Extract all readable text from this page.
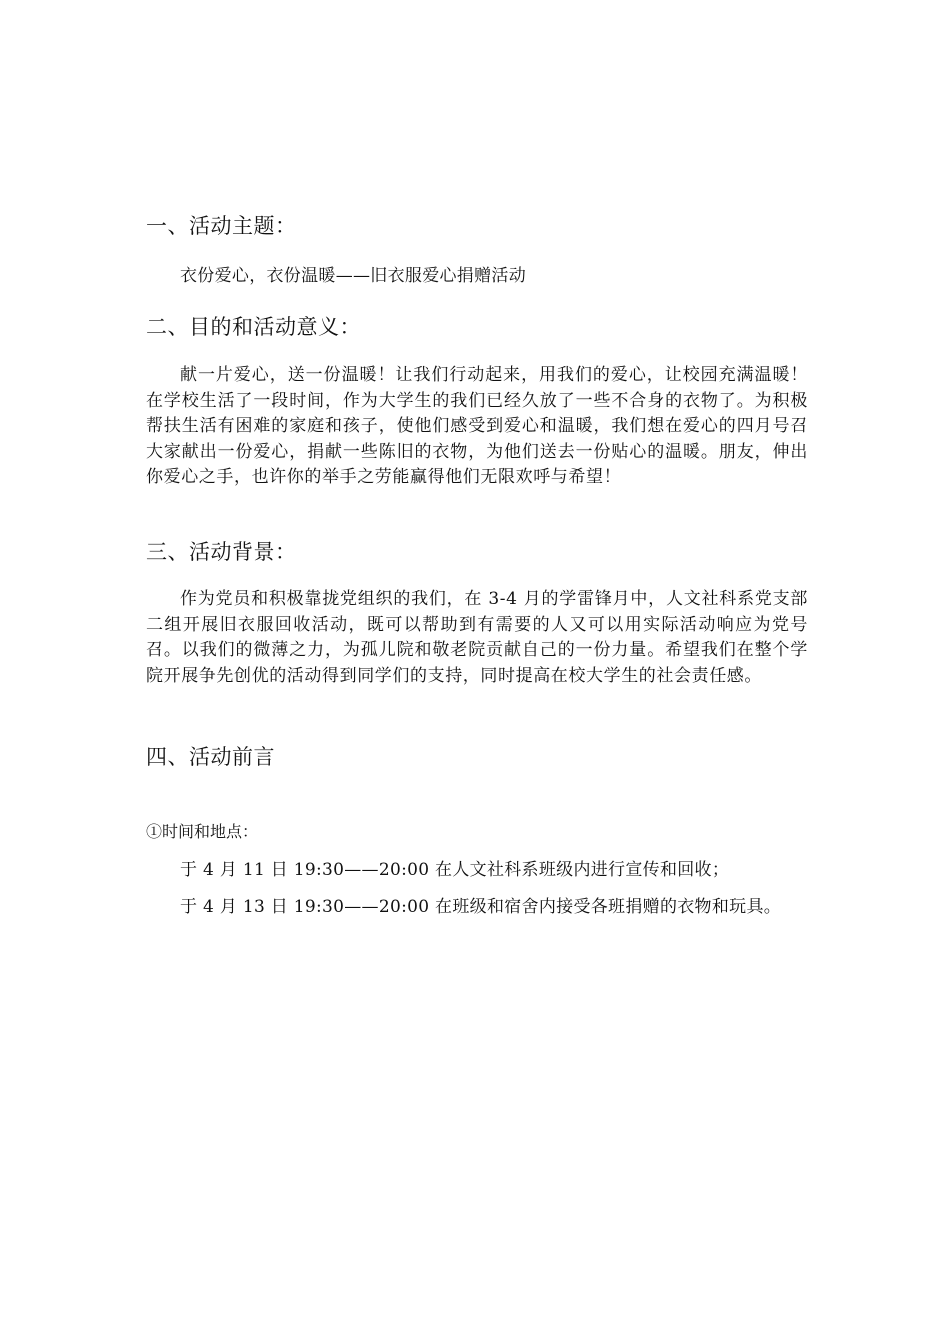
一、活动主题：
衣份爱心，衣份温暖——旧衣服爱心捐赠活动
二、目的和活动意义：
献一片爱心，送一份温暖！让我们行动起来，用我们的爱心，让校园充满温暖！在学校生活了一段时间，作为大学生的我们已经久放了一些不合身的衣物了。为积极帮扶生活有困难的家庭和孩子，使他们感受到爱心和温暖，我们想在爱心的四月号召大家献出一份爱心，捐献一些陈旧的衣物，为他们送去一份贴心的温暖。朋友，伸出你爱心之手，也许你的举手之劳能赢得他们无限欢呼与希望！
三、活动背景：
作为党员和积极靠拢党组织的我们，在 3-4 月的学雷锋月中，人文社科系党支部二组开展旧衣服回收活动，既可以帮助到有需要的人又可以用实际活动响应为党号召。以我们的微薄之力，为孤儿院和敬老院贡献自己的一份力量。希望我们在整个学院开展争先创优的活动得到同学们的支持，同时提高在校大学生的社会责任感。
四、活动前言
①时间和地点：
于 4 月 11 日 19:30——20:00 在人文社科系班级内进行宣传和回收；
于 4 月 13 日 19:30——20:00 在班级和宿舍内接受各班捐赠的衣物和玩具。
